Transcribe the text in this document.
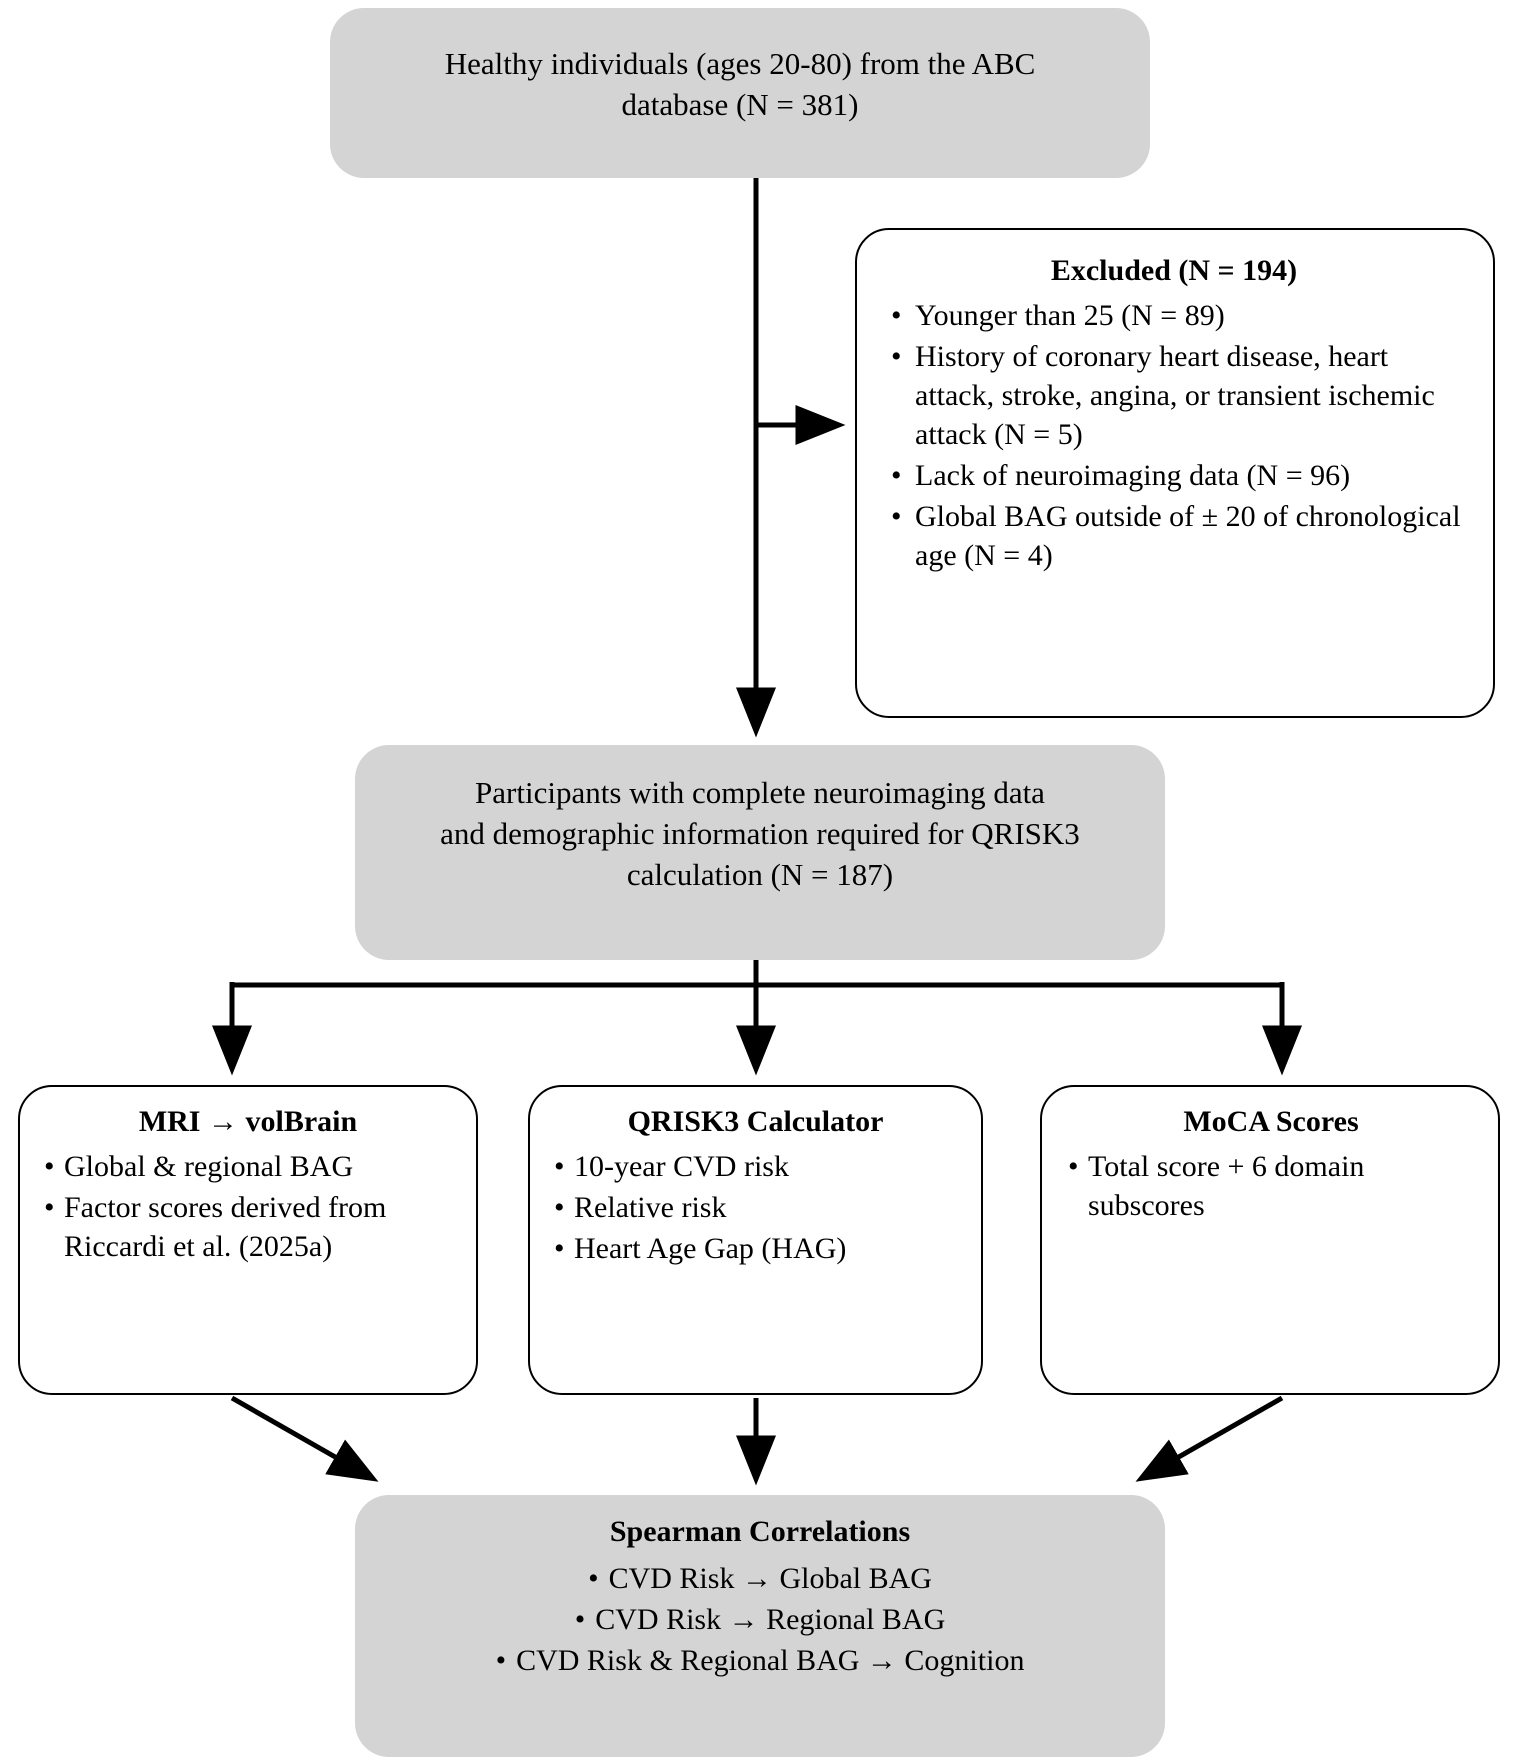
Healthy individuals (ages 20-80) from the ABC
database (N = 381)
Excluded (N = 194)
• Younger than 25 (N = 89)
• History of coronary heart disease, heart attack, stroke, angina, or transient ischemic attack (N = 5)
• Lack of neuroimaging data (N = 96)
• Global BAG outside of ± 20 of chronological age (N = 4)
Participants with complete neuroimaging data
and demographic information required for QRISK3
calculation (N = 187)
MRI → volBrain
• Global & regional BAG
• Factor scores derived from Riccardi et al. (2025a)
QRISK3 Calculator
• 10-year CVD risk
• Relative risk
• Heart Age Gap (HAG)
MoCA Scores
• Total score + 6 domain subscores
Spearman Correlations
• CVD Risk → Global BAG
• CVD Risk → Regional BAG
• CVD Risk & Regional BAG → Cognition
